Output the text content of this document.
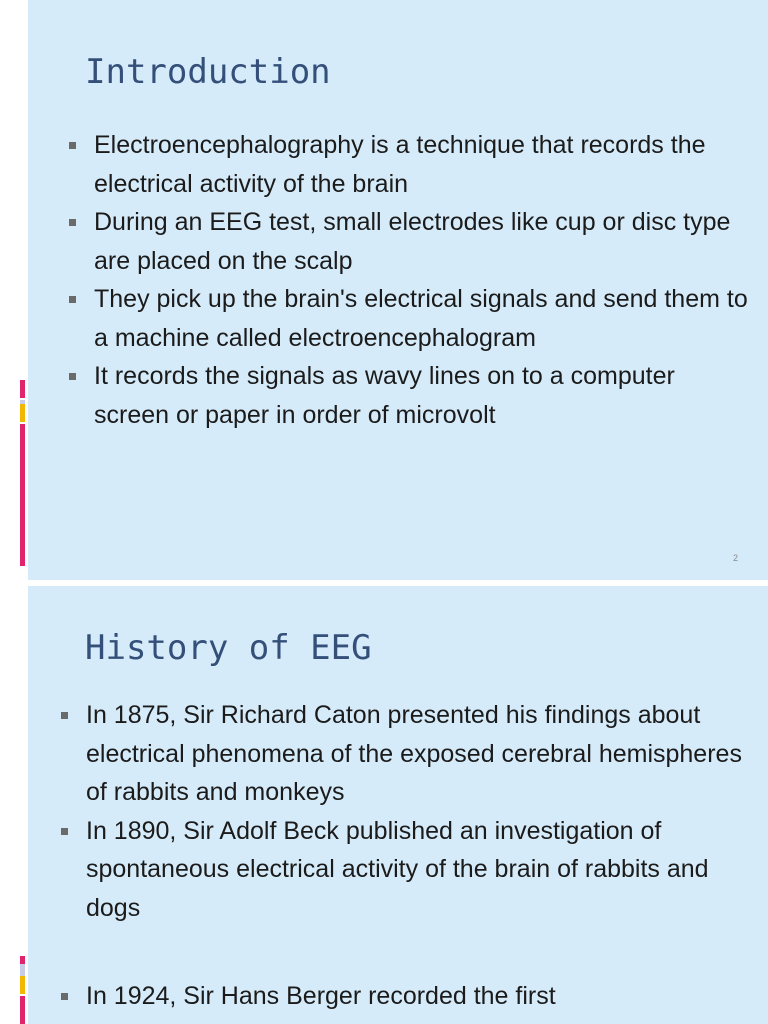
Introduction
Electroencephalography is a technique that records the electrical activity of the brain
During an EEG test, small electrodes like cup or disc type are placed on the scalp
They pick up the brain's electrical signals and send them to a machine called electroencephalogram
It records the signals as wavy lines on to a computer screen or paper in order of microvolt
2
History of EEG
In 1875, Sir Richard Caton presented his findings about electrical phenomena of the exposed cerebral hemispheres of rabbits and monkeys
In 1890, Sir Adolf Beck published an investigation of spontaneous electrical activity of the brain of rabbits and dogs
In 1924, Sir Hans Berger recorded the first
